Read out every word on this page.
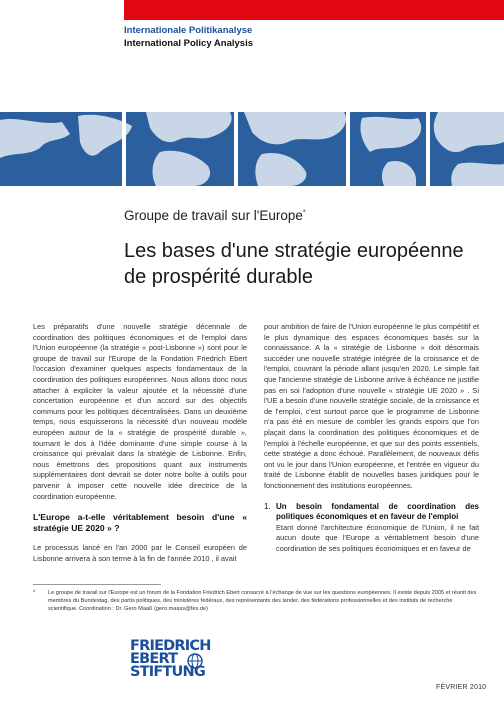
Internationale Politikanalyse
International Policy Analysis
Groupe de travail sur l'Europe*
Les bases d'une stratégie européenne
de prospérité durable

Les préparatifs d'une nouvelle stratégie décennale de coordination des politiques économiques et de l'emploi dans l'Union européenne (la stratégie « post-Lisbonne ») sont pour le groupe de travail sur l'Europe de la Fondation Friedrich Ebert l'occasion d'examiner quelques aspects fondamentaux de la coordination des politiques européennes. Nous allons donc nous attacher à expliciter la valeur ajoutée et la nécessité d'une concertation européenne et d'un accord sur des objectifs communs pour les politiques décentralisées. Dans un deuxième temps, nous esquisserons la nécessité d'un nouveau modèle européen autour de la « stratégie de prospérité durable », tournant le dos à l'idée dominante d'une simple course à la croissance qui prévalait dans la stratégie de Lisbonne. Enfin, nous émettrons des propositions quant aux instruments supplémentaires dont devrait se doter notre boîte à outils pour parvenir à imposer cette nouvelle idée directrice de la coordination européenne.

L'Europe a-t-elle véritablement besoin d'une « stratégie UE 2020 » ?

Le processus lancé en l'an 2000 par le Conseil européen de Lisbonne arrivera à son terme à la fin de l'année 2010 , il avait

pour ambition de faire de l'Union européenne le plus compétitif et le plus dynamique des espaces économiques basés sur la connaissance. A la « stratégie de Lisbonne » doit désormais succéder une nouvelle stratégie intégrée de la croissance et de l'emploi, couvrant la période allant jusqu'en 2020. Le simple fait que l'ancienne stratégie de Lisbonne arrive à échéance ne justifie pas en soi l'adoption d'une nouvelle « stratégie UE 2020 » . Si l'UE a besoin d'une nouvelle stratégie sociale, de la croissance et de l'emploi, c'est surtout parce que le programme de Lisbonne n'a pas été en mesure de combler les grands espoirs que l'on plaçait dans la coordination des politiques économiques et de l'emploi à l'échelle européenne, et que sur des points essentiels, cette stratégie a donc échoué. Parallèlement, de nouveaux défis ont vu le jour dans l'Union européenne, et l'entrée en vigueur du traité de Lisbonne établit de nouvelles bases juridiques pour le fonctionnement des institutions européennes.

1. Un besoin fondamental de coordination des politiques économiques et en faveur de l'emploi

Etant donné l'architecture économique de l'Union, il ne fait aucun doute que l'Europe a véritablement besoin d'une coordination de ses politiques économiques et en faveur de

*	Le groupe de travail sur l'Europe est un forum de la Fondation Friedrich Ebert consacré à l'échange de vue sur les questions européennes. Il existe depuis 2005 et réunit des membres du Bundestag, des partis politiques, des ministères fédéraux, des représentants des lander, des fédérations professionnelles et des instituts de recherche scientifique. Coordination : Dr. Gero Maaß (gero.maass@fes.de)
FRIEDRICH
EBERT
STIFTUNG
FÉVRIER 2010
